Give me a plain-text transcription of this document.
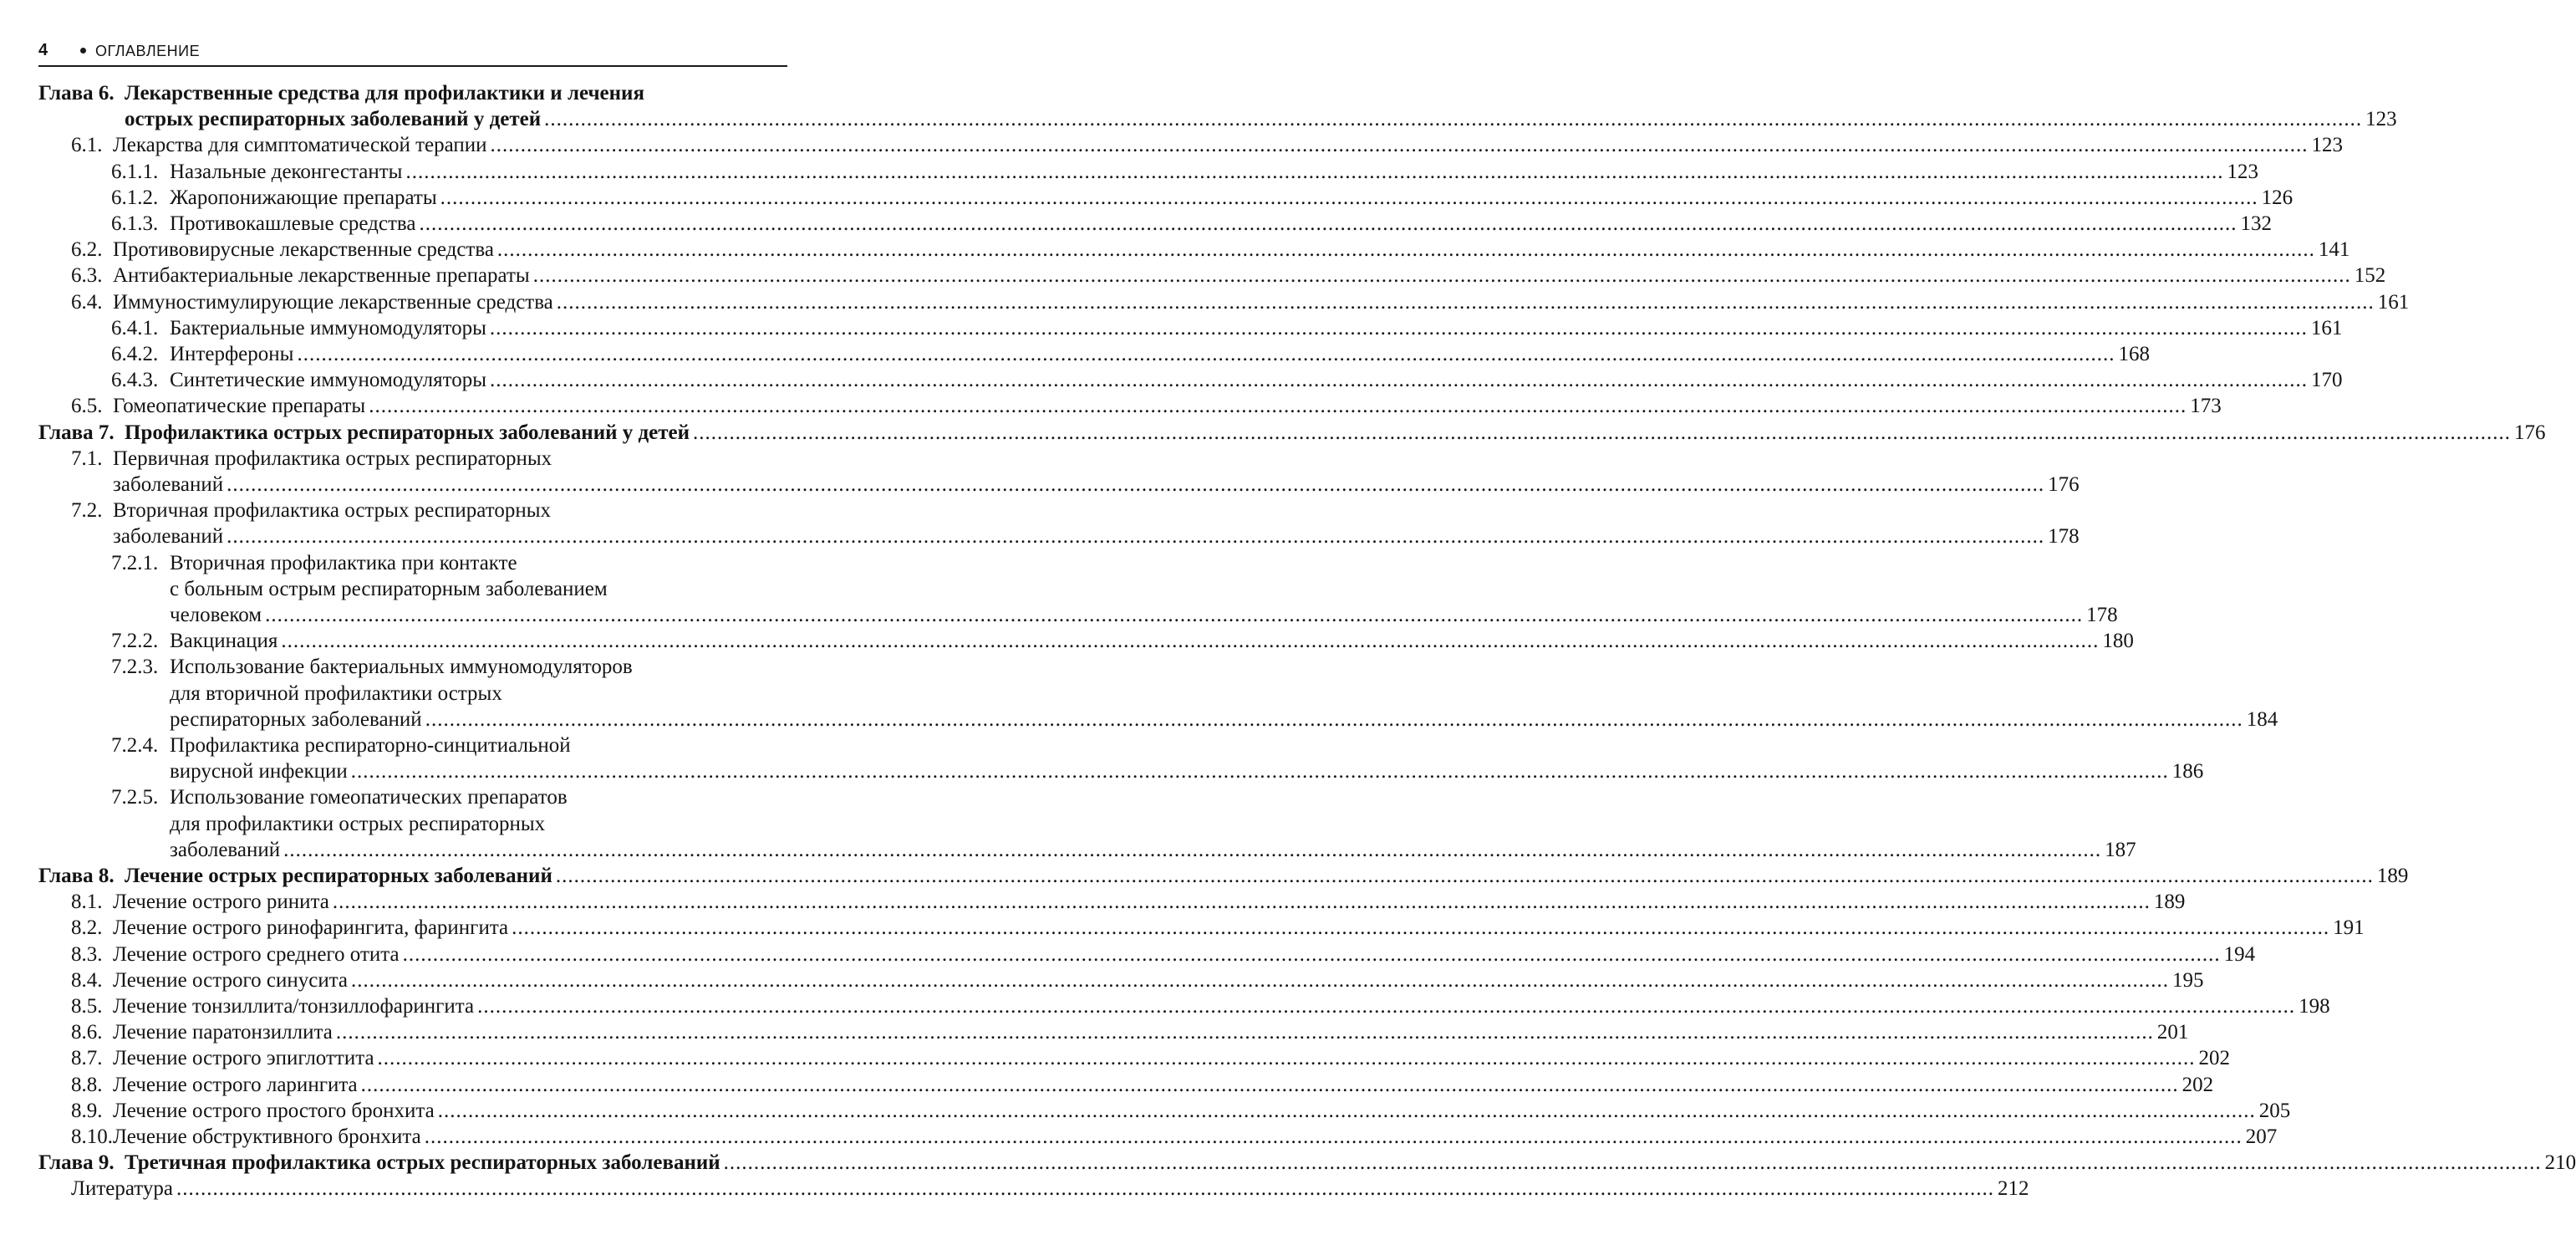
4	ОГЛАВЛЕНИЕ
Глава 6. Лекарственные средства для профилактики и лечения
острых респираторных заболеваний у детей ............................................................................................................................................................................................................................................................................................................ 123
6.1. Лекарства для симптоматической терапии ............................................................................................................................................................................................................................................................................................................ 123
6.1.1. Назальные деконгестанты ............................................................................................................................................................................................................................................................................................................ 123
6.1.2. Жаропонижающие препараты ............................................................................................................................................................................................................................................................................................................ 126
6.1.3. Противокашлевые средства ............................................................................................................................................................................................................................................................................................................ 132
6.2. Противовирусные лекарственные средства ............................................................................................................................................................................................................................................................................................................ 141
6.3. Антибактериальные лекарственные препараты ............................................................................................................................................................................................................................................................................................................ 152
6.4. Иммуностимулирующие лекарственные средства ............................................................................................................................................................................................................................................................................................................ 161
6.4.1. Бактериальные иммуномодуляторы ............................................................................................................................................................................................................................................................................................................ 161
6.4.2. Интерфероны ............................................................................................................................................................................................................................................................................................................ 168
6.4.3. Синтетические иммуномодуляторы ............................................................................................................................................................................................................................................................................................................ 170
6.5. Гомеопатические препараты ............................................................................................................................................................................................................................................................................................................ 173
Глава 7. Профилактика острых респираторных заболеваний у детей ............................................................................................................................................................................................................................................................................................................ 176
7.1. Первичная профилактика острых респираторных
заболеваний ............................................................................................................................................................................................................................................................................................................ 176
7.2. Вторичная профилактика острых респираторных
заболеваний ............................................................................................................................................................................................................................................................................................................ 178
7.2.1. Вторичная профилактика при контакте
с больным острым респираторным заболеванием
человеком ............................................................................................................................................................................................................................................................................................................ 178
7.2.2. Вакцинация ............................................................................................................................................................................................................................................................................................................ 180
7.2.3. Использование бактериальных иммуномодуляторов
для вторичной профилактики острых
респираторных заболеваний ............................................................................................................................................................................................................................................................................................................ 184
7.2.4. Профилактика респираторно-синцитиальной
вирусной инфекции ............................................................................................................................................................................................................................................................................................................ 186
7.2.5. Использование гомеопатических препаратов
для профилактики острых респираторных
заболеваний ............................................................................................................................................................................................................................................................................................................ 187
Глава 8. Лечение острых респираторных заболеваний ............................................................................................................................................................................................................................................................................................................ 189
8.1. Лечение острого ринита ............................................................................................................................................................................................................................................................................................................ 189
8.2. Лечение острого ринофарингита, фарингита ............................................................................................................................................................................................................................................................................................................ 191
8.3. Лечение острого среднего отита ............................................................................................................................................................................................................................................................................................................ 194
8.4. Лечение острого синусита ............................................................................................................................................................................................................................................................................................................ 195
8.5. Лечение тонзиллита/тонзиллофарингита ............................................................................................................................................................................................................................................................................................................ 198
8.6. Лечение паратонзиллита ............................................................................................................................................................................................................................................................................................................ 201
8.7. Лечение острого эпиглоттита ............................................................................................................................................................................................................................................................................................................ 202
8.8. Лечение острого ларингита ............................................................................................................................................................................................................................................................................................................ 202
8.9. Лечение острого простого бронхита ............................................................................................................................................................................................................................................................................................................ 205
8.10. Лечение обструктивного бронхита ............................................................................................................................................................................................................................................................................................................ 207
Глава 9. Третичная профилактика острых респираторных заболеваний ............................................................................................................................................................................................................................................................................................................ 210
Литература ............................................................................................................................................................................................................................................................................................................ 212
